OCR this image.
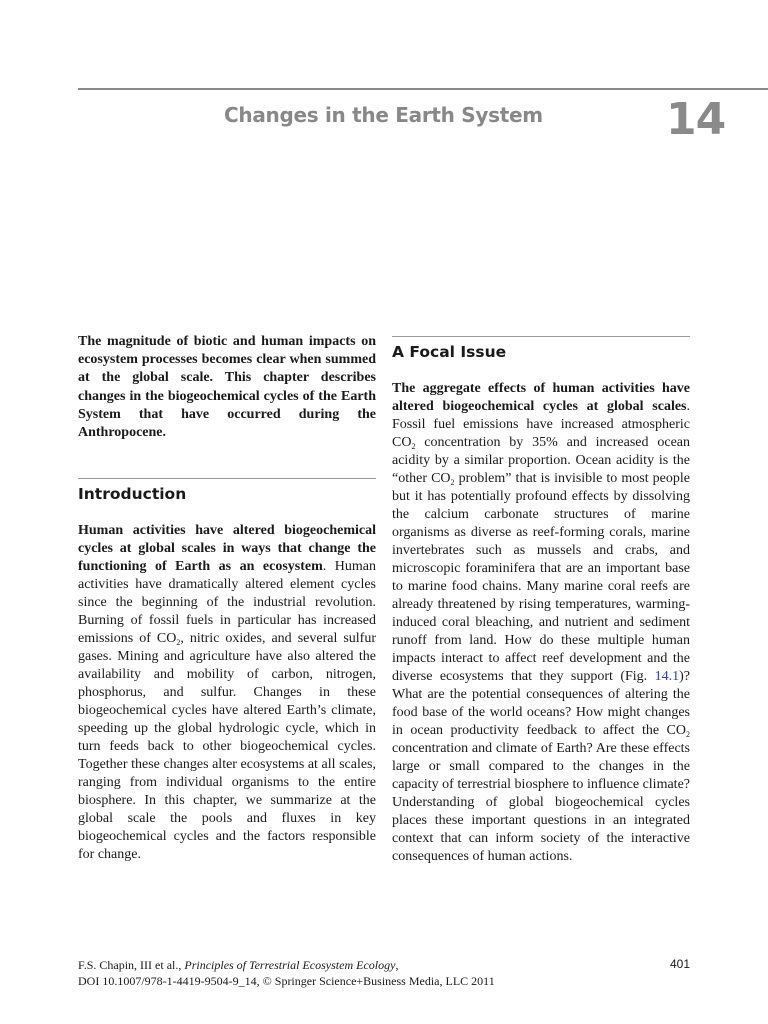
Changes in the Earth System	14
The magnitude of biotic and human impacts on ecosystem processes becomes clear when summed at the global scale. This chapter describes changes in the biogeochemical cycles of the Earth System that have occurred during the Anthropocene.
Introduction

Human activities have altered biogeochemical cycles at global scales in ways that change the functioning of Earth as an ecosystem. Human activities have dramatically altered element cycles since the beginning of the industrial revolution. Burning of fossil fuels in particular has increased emissions of $CO_2$, nitric oxides, and several sulfur gases. Mining and agriculture have also altered the availability and mobility of carbon, nitrogen, phosphorus, and sulfur. Changes in these biogeochemical cycles have altered Earth’s climate, speeding up the global hydrologic cycle, which in turn feeds back to other biogeochemical cycles. Together these changes alter ecosystems at all scales, ranging from individual organisms to the entire biosphere. In this chapter, we summarize at the global scale the pools and fluxes in key biogeochemical cycles and the factors responsible for change.

A Focal Issue

The aggregate effects of human activities have altered biogeochemical cycles at global scales. Fossil fuel emissions have increased atmospheric $CO_2$ concentration by 35% and increased ocean acidity by a similar proportion. Ocean acidity is the “other $CO_2$ problem” that is invisible to most people but it has potentially profound effects by dissolving the calcium carbonate structures of marine organisms as diverse as reef-forming corals, marine invertebrates such as mussels and crabs, and microscopic foraminifera that are an important base to marine food chains. Many marine coral reefs are already threatened by rising temperatures, warming-induced coral bleaching, and nutrient and sediment runoff from land. How do these multiple human impacts interact to affect reef development and the diverse ecosystems that they support (Fig. 14.1)? What are the potential consequences of altering the food base of the world oceans? How might changes in ocean productivity feedback to affect the $CO_2$ concentration and climate of Earth? Are these effects large or small compared to the changes in the capacity of terrestrial biosphere to influence climate? Understanding of global biogeochemical cycles places these important questions in an integrated context that can inform society of the interactive consequences of human actions.

F.S. Chapin, III et al., Principles of Terrestrial Ecosystem Ecology,
DOI 10.1007/978-1-4419-9504-9_14, © Springer Science+Business Media, LLC 2011
401
